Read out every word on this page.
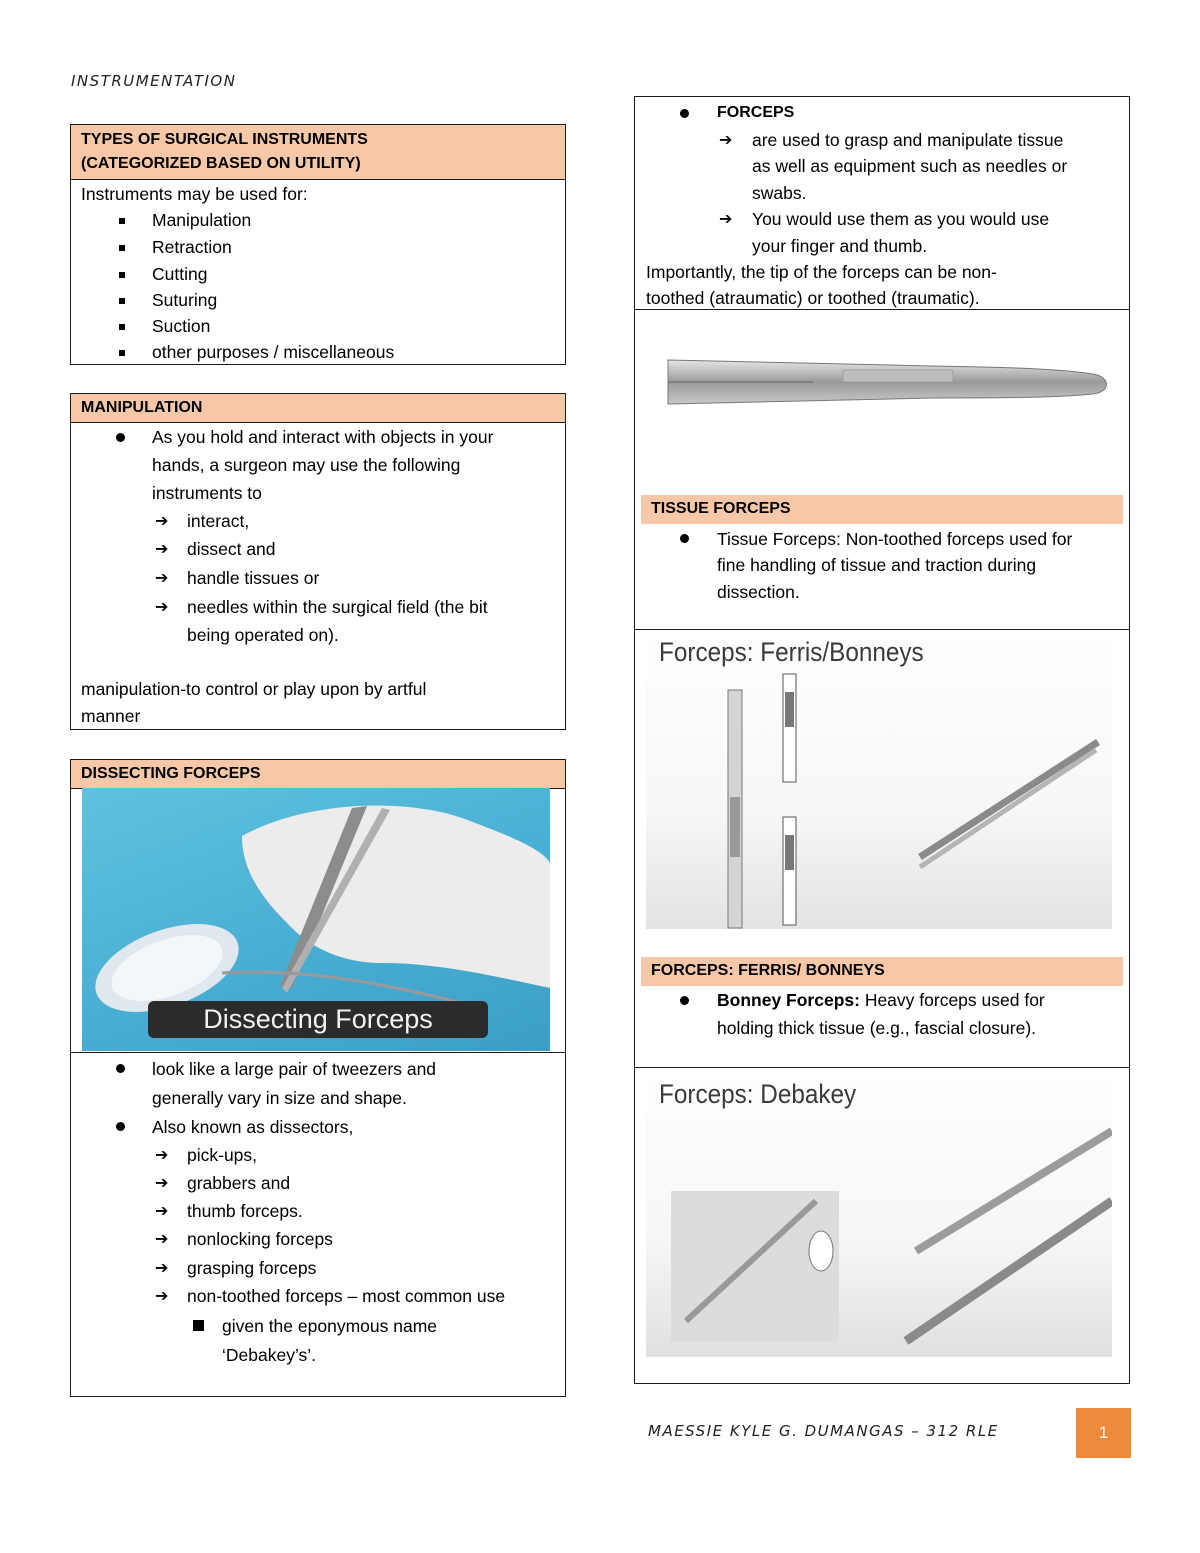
INSTRUMENTATION
TYPES OF SURGICAL INSTRUMENTS
(CATEGORIZED BASED ON UTILITY)
Instruments may be used for:
Manipulation
Retraction
Cutting
Suturing
Suction
other purposes / miscellaneous
MANIPULATION
As you hold and interact with objects in your
hands, a surgeon may use the following
instruments to
➔ interact,
➔ dissect and
➔ handle tissues or
➔ needles within the surgical field (the bit
being operated on).
manipulation-to control or play upon by artful
manner
DISSECTING FORCEPS
Dissecting Forceps
look like a large pair of tweezers and
generally vary in size and shape.
Also known as dissectors,
➔ pick-ups,
➔ grabbers and
➔ thumb forceps.
➔ nonlocking forceps
➔ grasping forceps
➔ non-toothed forceps – most common use
given the eponymous name
‘Debakey’s’.
FORCEPS
➔ are used to grasp and manipulate tissue
as well as equipment such as needles or
swabs.
➔ You would use them as you would use
your finger and thumb.
Importantly, the tip of the forceps can be non-
toothed (atraumatic) or toothed (traumatic).
TISSUE FORCEPS
Tissue Forceps: Non-toothed forceps used for
fine handling of tissue and traction during
dissection.
Forceps: Ferris/Bonneys
FORCEPS: FERRIS/ BONNEYS
Bonney Forceps: Heavy forceps used for
holding thick tissue (e.g., fascial closure).
Forceps: Debakey
MAESSIE KYLE G. DUMANGAS – 312 RLE	1
